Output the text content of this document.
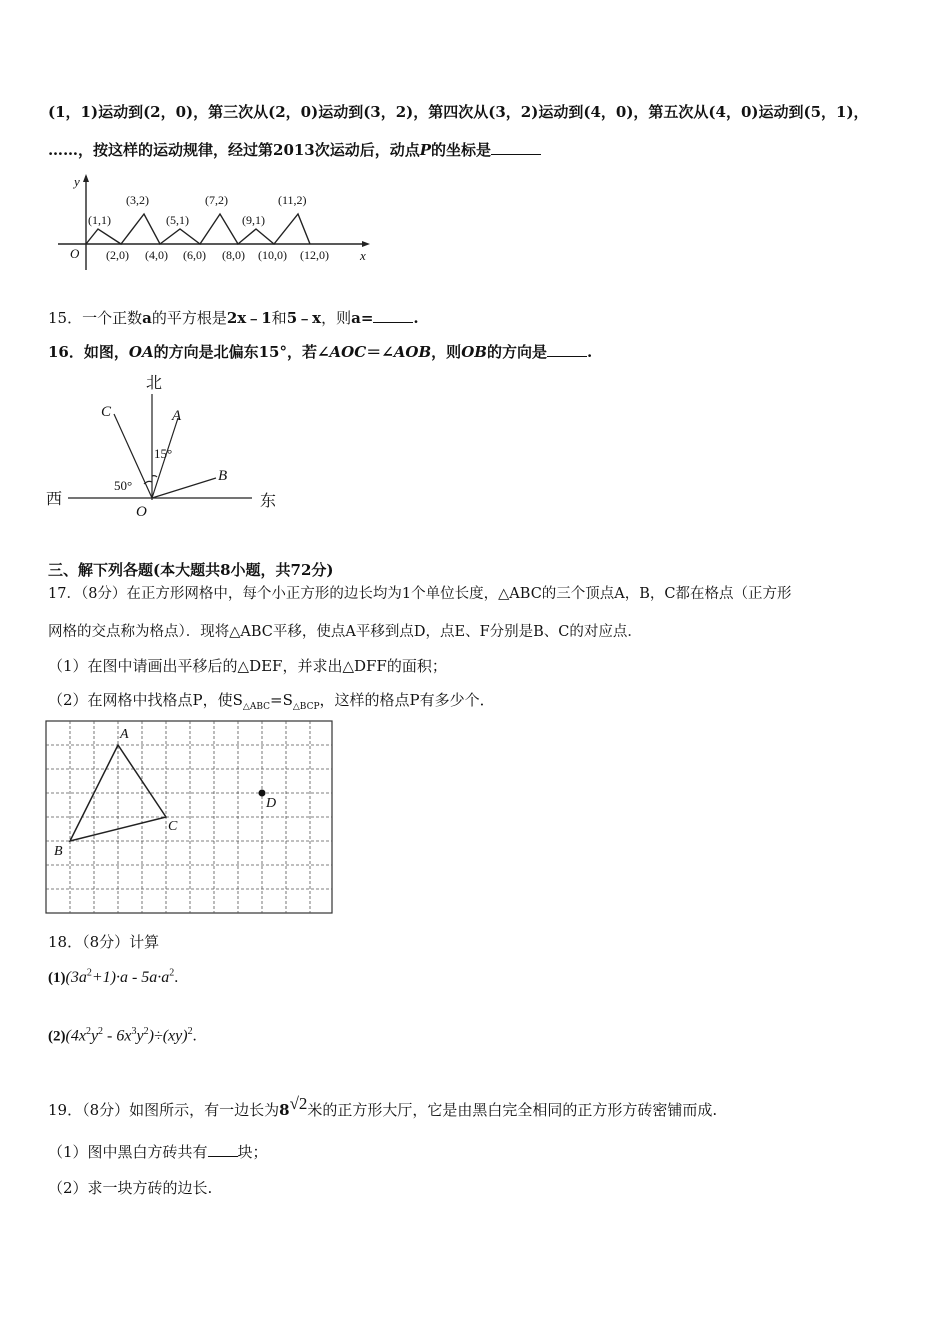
(1，1)运动到(2，0)，第三次从(2，0)运动到(3，2)，第四次从(3，2)运动到(4，0)，第五次从(4，0)运动到(5，1)，
……，按这样的运动规律，经过第2013次运动后，动点P的坐标是
y
x
O
(1,1)
(3,2)
(5,1)
(7,2)
(9,1)
(11,2)
(2,0) (4,0) (6,0) (8,0) (10,0) (12,0)
15．一个正数a的平方根是2x﹣1和5﹣x，则a=	.
16．如图，OA的方向是北偏东15°，若∠AOC＝∠AOB，则OB的方向是	.
北
西	东
C	A
B
O
15°
50°
三、解下列各题(本大题共8小题，共72分)
17．（8分）在正方形网格中，每个小正方形的边长均为1个单位长度，△ABC的三个顶点A，B，C都在格点（正方形
网格的交点称为格点）．现将△ABC平移，使点A平移到点D，点E、F分别是B、C的对应点．
（1）在图中请画出平移后的△DEF，并求出△DFF的面积；
（2）在网格中找格点P，使$S_{\triangle ABC}=S_{\triangle BCP}$，这样的格点P有多少个．
A
B
C
D
18．（8分）计算
$(1)(3a^2+1)\cdot a - 5a\cdot a^2$.
$(2)(4x^2y^2 - 6x^3y^2)\div(xy)^2$.
19．（8分）如图所示，有一边长为8√2米的正方形大厅，它是由黑白完全相同的正方形方砖密铺而成.
（1）图中黑白方砖共有 块；
（2）求一块方砖的边长.
